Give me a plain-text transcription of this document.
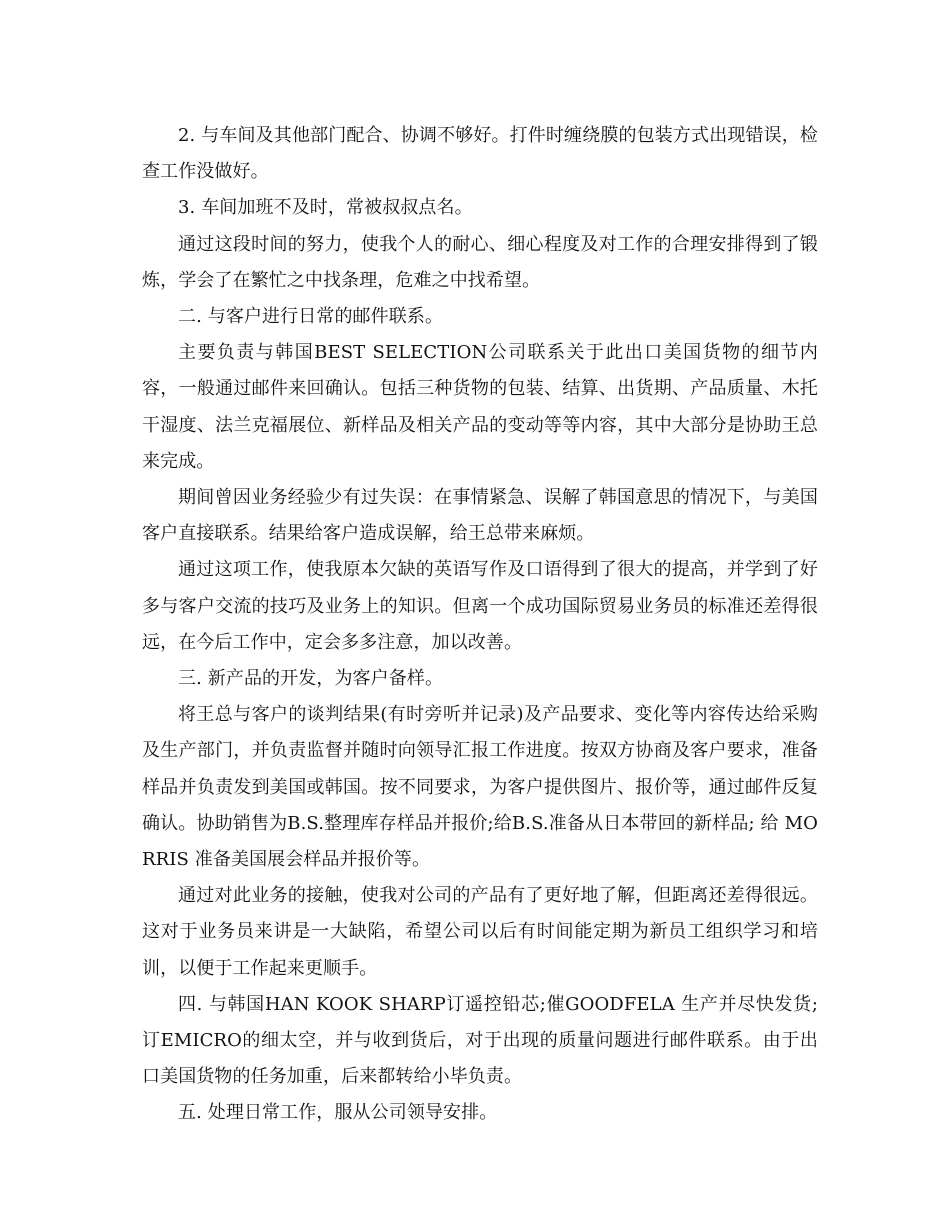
2. 与车间及其他部门配合、协调不够好。打件时缠绕膜的包装方式出现错误，检查工作没做好。

3. 车间加班不及时，常被叔叔点名。

通过这段时间的努力，使我个人的耐心、细心程度及对工作的合理安排得到了锻炼，学会了在繁忙之中找条理，危难之中找希望。

二. 与客户进行日常的邮件联系。

主要负责与韩国BEST SELECTION公司联系关于此出口美国货物的细节内容，一般通过邮件来回确认。包括三种货物的包装、结算、出货期、产品质量、木托干湿度、法兰克福展位、新样品及相关产品的变动等等内容，其中大部分是协助王总来完成。

期间曾因业务经验少有过失误：在事情紧急、误解了韩国意思的情况下，与美国客户直接联系。结果给客户造成误解，给王总带来麻烦。

通过这项工作，使我原本欠缺的英语写作及口语得到了很大的提高，并学到了好多与客户交流的技巧及业务上的知识。但离一个成功国际贸易业务员的标准还差得很远，在今后工作中，定会多多注意，加以改善。

三. 新产品的开发，为客户备样。

将王总与客户的谈判结果(有时旁听并记录)及产品要求、变化等内容传达给采购及生产部门，并负责监督并随时向领导汇报工作进度。按双方协商及客户要求，准备样品并负责发到美国或韩国。按不同要求，为客户提供图片、报价等，通过邮件反复确认。协助销售为B.S.整理库存样品并报价;给B.S.准备从日本带回的新样品; 给 MORRIS 准备美国展会样品并报价等。

通过对此业务的接触，使我对公司的产品有了更好地了解，但距离还差得很远。这对于业务员来讲是一大缺陷，希望公司以后有时间能定期为新员工组织学习和培训，以便于工作起来更顺手。

四. 与韩国HAN KOOK SHARP订遥控铅芯;催GOODFELA 生产并尽快发货;订EMICRO的细太空，并与收到货后，对于出现的质量问题进行邮件联系。由于出口美国货物的任务加重，后来都转给小毕负责。

五. 处理日常工作，服从公司领导安排。
